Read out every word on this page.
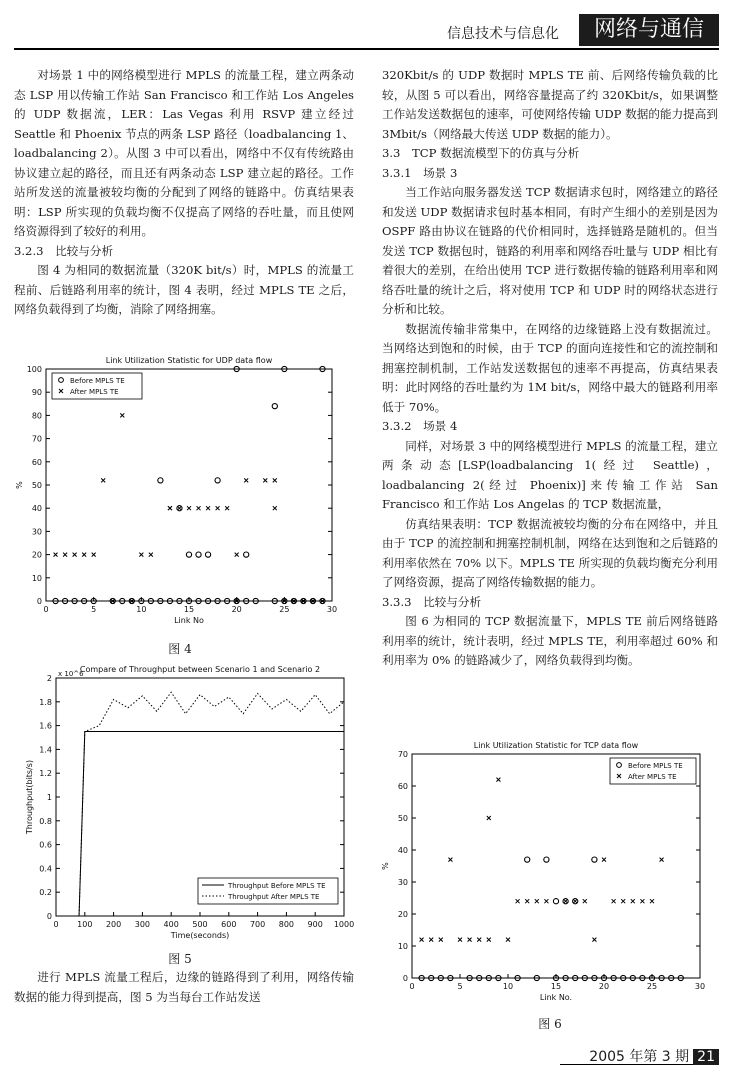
信息技术与信息化	网络与通信

对场景 1 中的网络模型进行 MPLS 的流量工程，建立两条动态 LSP 用以传输工作站 San Francisco 和工作站 Los Angeles 的 UDP 数据流，LER：Las Vegas 利用 RSVP 建立经过 Seattle 和 Phoenix 节点的两条 LSP 路径（loadbalancing 1、loadbalancing 2）。从图 3 中可以看出，网络中不仅有传统路由协议建立起的路径，而且还有两条动态 LSP 建立起的路径。工作站所发送的流量被较均衡的分配到了网络的链路中。仿真结果表明：LSP 所实现的负载均衡不仅提高了网络的吞吐量，而且使网络资源得到了较好的利用。

3.2.3　比较与分析

图 4 为相同的数据流量（320K bit/s）时，MPLS 的流量工程前、后链路利用率的统计，图 4 表明，经过 MPLS TE 之后，网络负载得到了均衡，消除了网络拥塞。

Link Utilization Statistic for UDP data flow
0	5	10	15	20	25	30
0
10
20
30
40
50
60
70
80
90
100
Link No
%
Before MPLS TE
After MPLS TE
图 4
Compare of Throughput between Scenario 1 and Scenario 2
0 100 200 300 400 500 600 700 800 900 1000
0
0.2
0.4
0.6
0.8
1
1.2
1.4
1.6
1.8
2
Time(seconds)
Throughput(bits/s)
x 10^6
Throughput Before MPLS TE
Throughput After MPLS TE
图 5
进行 MPLS 流量工程后，边缘的链路得到了利用，网络传输数据的能力得到提高，图 5 为当每台工作站发送

320Kbit/s 的 UDP 数据时 MPLS TE 前、后网络传输负载的比较，从图 5 可以看出，网络容量提高了约 320Kbit/s，如果调整工作站发送数据包的速率，可使网络传输 UDP 数据的能力提高到 3Mbit/s（网络最大传送 UDP 数据的能力）。

3.3　TCP 数据流模型下的仿真与分析

3.3.1　场景 3

当工作站向服务器发送 TCP 数据请求包时，网络建立的路径和发送 UDP 数据请求包时基本相同，有时产生细小的差别是因为 OSPF 路由协议在链路的代价相同时，选择链路是随机的。但当发送 TCP 数据包时，链路的利用率和网络吞吐量与 UDP 相比有着很大的差别，在给出使用 TCP 进行数据传输的链路利用率和网络吞吐量的统计之后，将对使用 TCP 和 UDP 时的网络状态进行分析和比较。

数据流传输非常集中，在网络的边缘链路上没有数据流过。当网络达到饱和的时候，由于 TCP 的面向连接性和它的流控制和拥塞控制机制，工作站发送数据包的速率不再提高，仿真结果表明：此时网络的吞吐量约为 1M bit/s，网络中最大的链路利用率低于 70%。

3.3.2　场景 4

同样，对场景 3 中的网络模型进行 MPLS 的流量工程，建立两条动态[LSP(loadbalancing 1(经过 Seattle)，loadbalancing 2(经过 Phoenix)]来传输工作站 San Francisco 和工作站 Los Angelas 的 TCP 数据流量，

仿真结果表明：TCP 数据流被较均衡的分布在网络中，并且由于 TCP 的流控制和拥塞控制机制，网络在达到饱和之后链路的利用率依然在 70% 以下。MPLS TE 所实现的负载均衡充分利用了网络资源，提高了网络传输数据的能力。

3.3.3　比较与分析

图 6 为相同的 TCP 数据流量下，MPLS TE 前后网络链路利用率的统计，统计表明，经过 MPLS TE，利用率超过 60% 和利用率为 0% 的链路减少了，网络负载得到均衡。

Link Utilization Statistic for TCP data flow
0	5	10	15	20	25	30
0
10
20
30
40
50
60
70
Link No.
%
Before MPLS TE
After MPLS TE
图 6
2005 年第 3 期 21
